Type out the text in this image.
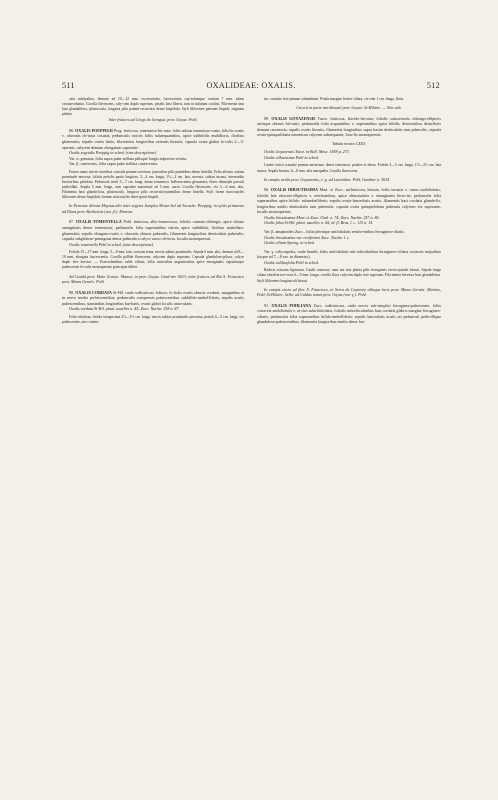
511	OXALIDEAE: OXALIS.	512

cata subhyalina, demum ad 10—12 mm. excrescentia, fuscescentia cap-sulamque ovatam 7 mm. altam circumvelantia. Corolla flavescens, caly-cem duplo superans, petalis basi liberis, tum in tubulum coalitis. Fila-menta ima basi glandulifera, plusiuscula, longiora pilis patenti-recurvatis dense hispidula. Styli filiformes patentes hispidi; stigmata peltata.

Inter frutices ad Corgo de Jaraguá, prov. Goyaz: Pohl.

86. OXALIS POEPPIGII Prog. fruticosa, tomentoso-hir-suta; foliis subtus tomentoso-canis, foliolis ovatis v. obovatis ob-tusis costatis; pedunculis strictis foliis subaequantibus, apice subbifidis multifloris, floribus glomeratis; sepalis ovatis hirtis, fila-mentis longioribus externis hirsutis; capsula ovata glabra lo-culis 2—3-spermis, calycem demum elongatum superante.

Oxalis segetalis Poeppig in sched. (sine descriptione).

Var. α. genuina, folia supra pube stellata pilisque longis adpressis vestita.

Var. β. canescens, folia supra pube stellata canescentia.

Frutex ramis strictis teretibus crassitie pennae corvinae, junioribus pilis patentibus dense hirtellis. Folia alterna, subtus prominule nervosa; foliola petiolis paulo longiora, 3—4 cm. longa, 1½—2 cm. lata, nervata, subtus incana, internodiis brevioribus petiolata. Pedunculi tereti 5—7 cm. longi, dense tomentosi. Inflorescentia glomerata; flores dimorphi parvuli pedicellati. Sepala 5 mm. longa, cum capsulae maturitate ad 5 mm. aucta. Corolla flavescens, vix 5—6 mm. alta. Filamenta basi glandu-losa, plusiuscula, longiora pilis recurvatis-patentibus dense hirtella. Styli forme macrostyles filiformes dense hispiduli, formae microstyles diver-genti-hispidi.

In Peruviae ditione Maynas alto inter segetes Juniplas Mosui-bol ad Tocache: Poeppig; in sylvis primaevis ad Illans prov. Ba-hiensis (var. β.): Martius.

87. OXALIS TOMENTELLA Pohl. fruticosa, albo-tomen-tosa; foliolis cuneato-oblongis, apice obtuse emarginatis dense tomentosis; pedunculis folia superantibus strictis apice subbifidis, floribus umbellato-glomeratis; sepalis elongato-ovatis v. obovatis obtusis puberulis, filamentis longioribus denticulatis puberulis; capsula subglobose-pentagona dense puberula a calyce aucto ob-tecta, loculis monospermis.

Oxalis tomentella Pohl in sched. (sine descriptione).

Foliola 15—17 mm. longa, 5—8 mm. lata, crassius tenta, nervis subtus prominulis. Sepala 6 mm. alta, demum ad 8—10 mm. elongata fuscescentia. Corolla pallide flavescens, calycem duplo superans. Capsula glandulose-pilosa, calyce duplo fere brevior. — Praecedentibus valde affinis, foliis minoribus angustioribus apice emarginatis capsulaeque pubescentis lo-culis monospermis praecipue differt.

Ad Catalá prov. Mato Grosso: Manso; in prov. Goyaz. Gard-ner 3633; inter frutices ad Rio S. Francisco prov. Minas Geraës: Pohl.

88. OXALIS CORDATA St-Hil. caule suffruticoso folioso; fo-liolis ovatis obtusis cordatis, marginibus et in nervo medio pu-bescentibus; pedunculis compressis pubescentibus subbifido-umbel-liferis; sepalis acutis pubescentibus, staminibus longioribus har-batis, ovarii glabri loculis uniovulatis.

Oxalis cordata St-Hil. plant. usuelles n. 45; Zucc. Nachtr. 258 n. 87.

Folia trifoliata; foliola integerrima 2½—3½ cm. longa, nervis subtus prominulis percursa; petioli 4—5 cm. longi, vix pubescentes, atro-cateno-

tes, crassitie fere pennae columbinae. Petala margine leviter ciliata, cir-citer 1 cm. longa, flava.

Crescit in parte meridionali prov. Goyaz: St-Hilaire. — Non vidi.

89. OXALIS GOYAZENSIS Turcz. fruticosa, flavido-hir-suta; foliolis subcoriaceis oblongo-ellipticis utrinque obtusis hir-sutis; pedunculis folia acquantibus v. superantibus apice bifidis, divisionibus densifloris demum racemosis; sepalis ovatis hirsutis, filamentis longioribus supra basim denticulatis tum puberulis; capsula ovato-quinquelobata tomentosa calycem subaequante, locu-lis monospermis.

Tabula nostra CXIII.

Oxalis Goyazensis Turcz. in Bull. Mosc. 1859 p. 273.

Oxalis villosissima Pohl in sched.

Caules stricti crassitie pennae anserinae, dense tomentosi, petales et altera. Foliola 3—5 cm. longa, 1½—2½ cm. lata trunca, Sepala hirsuta, 6—8 mm. alta inaequalia. Corolla flavescens.

In campis aridis prov. Goyazensis, e. g. ad Lavrinhas: Pohl, Gardner n. 3634.

90. OXALIS HIRSUTISSIMA Mart. et Zucc. suffruticosa, hirsuta; foliis ternatis v. rarius unifoliolatis, foliolis late obovato-ellipticis v. reniformibus, apice obtusissimis v. emarginatis hirsu-tis; pedunculis folia superantibus apice bifido- subumbelliferis; sepalis ovato-lanceolatis acutis, filamentis basi cordatis glandu-lis, longioribus medio denticulatis tum puberulis; capsula ovata quinquelobata puberula calycem vix superante, loculis monospermis.

Oxalis hirsutissima Mart. et Zucc. Oxal. n. 74; Zucc. Nachtr. 257 n. 86.

Oxalis fulva St-Hil. plant. usuelles n. 44; id. fl. Bras. l. c. 115 n. 14.

Var. β. amaptoides Zucc., foliis plerisque unifoliolatis renifor-mibus ferrugineo-ciliatis.

Oxalis hirsutissima var. reniformis Zucc. Nachtr. l. c.

Oxalis ciliata Spreng. in sched.

Var. γ. calycarpolia, caule humili, foliis unifoliolatis sub-orbicularibus ferrugineo-ciliatis coriaceis majoribus (usque ad 7—8 cm. in diametro).

Oxalis calthaefolia Pohl in sched.

Radicis crassum lignosum. Caulis ramosus; rami aut tota planta pilis ferrugineis erecto-patulis hirsuti. Sepala longe ciliata obsolete ner-vosa 6—9 mm. longa; corolla flava calycem duplo fere superans. Fila-menta breviora basi glandulifera. Styli filiformes longiusculi hirsuti.

In campis siccis ad flav. S. Francisco, in Serra de Capivary aliisque locis prov. Minas Geraës: Martius, Pohl, St-Hilaire, Sello; ad Caldas novas prov. Goyaz (var. γ.): Pohl.

91. OXALIS POHLIANA Zucc. suffruticosa, caule erecto sub-simplici ferrugineo-pubescente; foliis coriaceis unifoliolatis v. ra-rius subtrifoliolatis, foliolis suborbicularibus basi cordatis glabris margine ferrugineo-ciliatis; pedunculis folia superantibus bifido-umbelliferis; sepalis lanceolatis acutis uti pedunculi pedicellique glandulosa-pubescentibus, filamentis longioribus medio dense lan-
